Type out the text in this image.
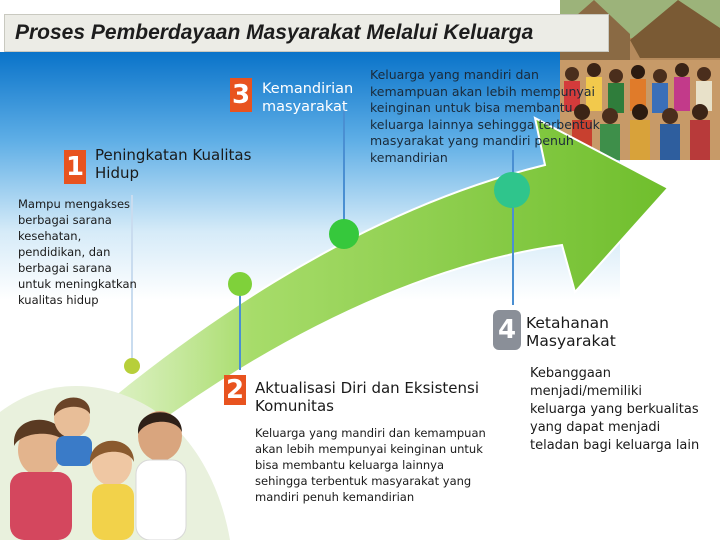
Proses Pemberdayaan Masyarakat Melalui Keluarga
3 Kemandirian masyarakat
Keluarga yang mandiri dan kemampuan akan lebih mempunyai keinginan untuk bisa membantu keluarga lainnya sehingga terbentuk masyarakat yang mandiri penuh kemandirian
1 Peningkatan Kualitas Hidup
Mampu mengakses berbagai sarana kesehatan, pendidikan, dan berbagai sarana untuk meningkatkan kualitas hidup
2 Aktualisasi Diri dan Eksistensi Komunitas
Keluarga yang mandiri dan kemampuan akan lebih mempunyai keinginan untuk bisa membantu keluarga lainnya sehingga terbentuk masyarakat yang mandiri penuh kemandirian
4 Ketahanan Masyarakat
Kebanggaan menjadi/memiliki keluarga yang berkualitas yang dapat menjadi teladan bagi keluarga lain
